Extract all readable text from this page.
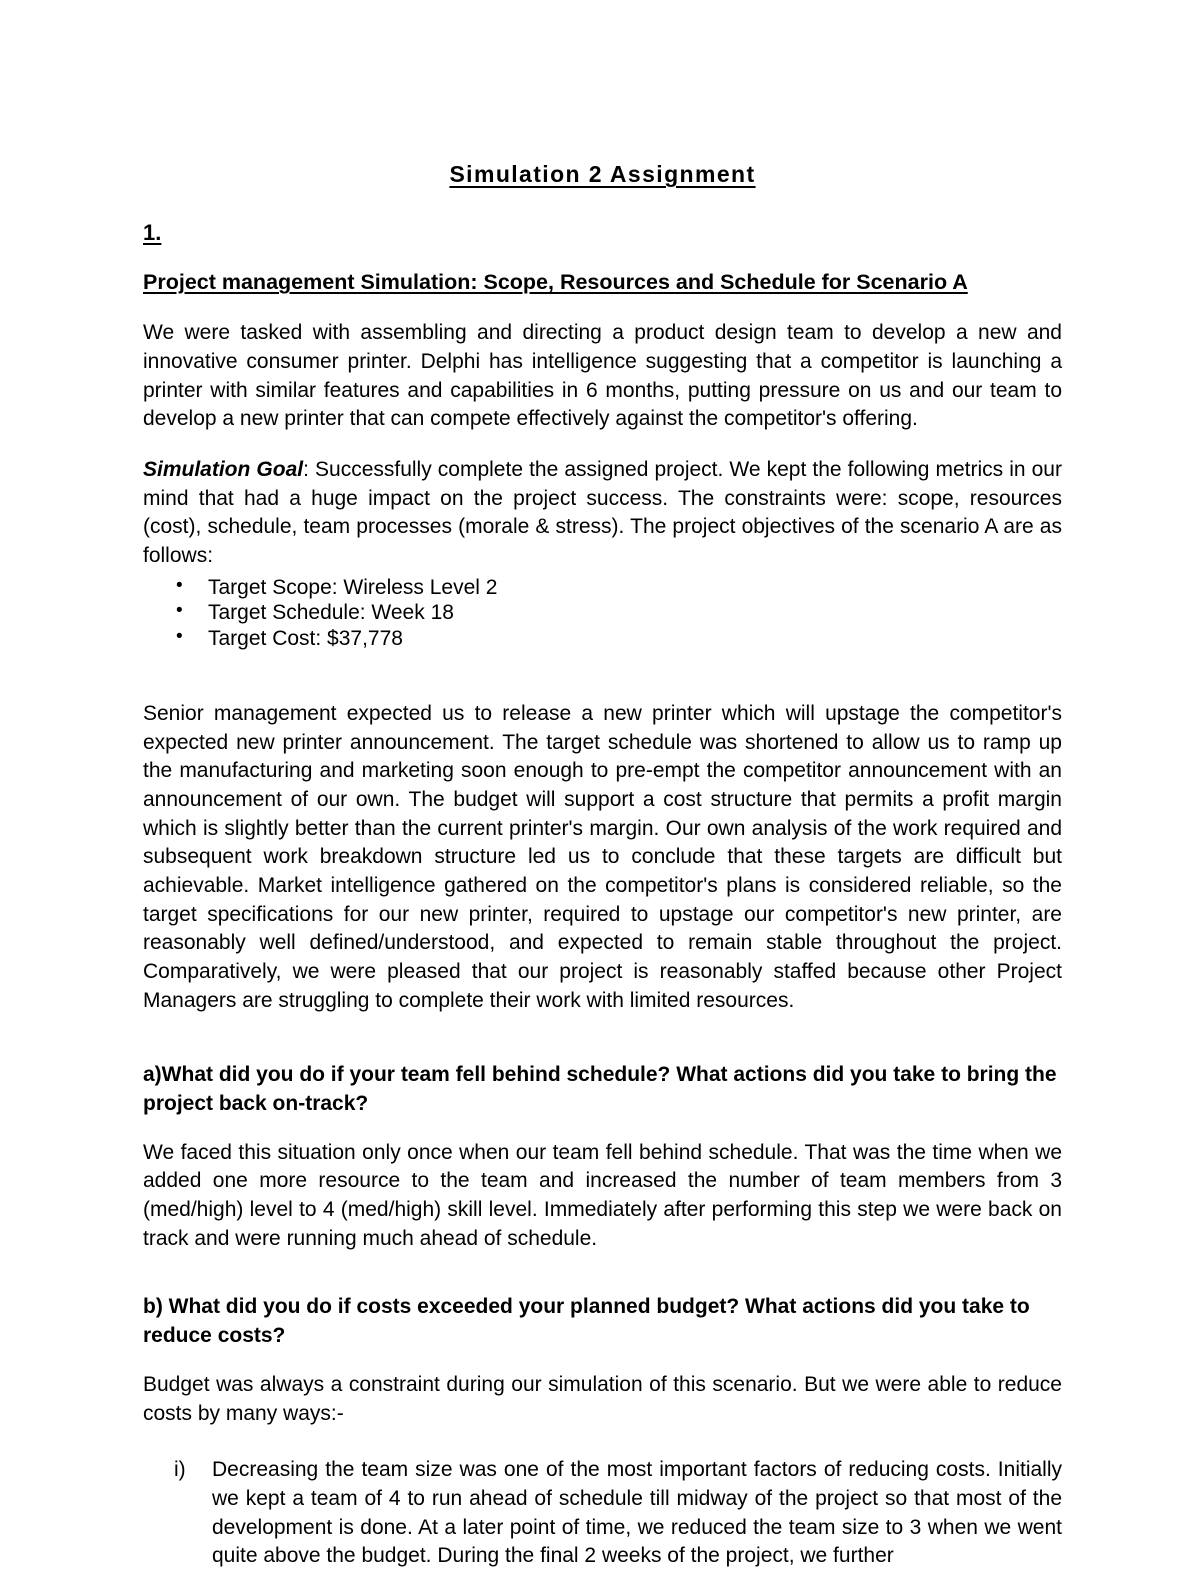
Simulation 2 Assignment

1.

Project management Simulation: Scope, Resources and Schedule for Scenario A

We were tasked with assembling and directing a product design team to develop a new and innovative consumer printer. Delphi has intelligence suggesting that a competitor is launching a printer with similar features and capabilities in 6 months, putting pressure on us and our team to develop a new printer that can compete effectively against the competitor's offering.

Simulation Goal: Successfully complete the assigned project. We kept the following metrics in our mind that had a huge impact on the project success. The constraints were: scope, resources (cost), schedule, team processes (morale & stress). The project objectives of the scenario A are as follows:

• Target Scope: Wireless Level 2
• Target Schedule: Week 18
• Target Cost: $37,778

Senior management expected us to release a new printer which will upstage the competitor's expected new printer announcement. The target schedule was shortened to allow us to ramp up the manufacturing and marketing soon enough to pre-empt the competitor announcement with an announcement of our own. The budget will support a cost structure that permits a profit margin which is slightly better than the current printer's margin. Our own analysis of the work required and subsequent work breakdown structure led us to conclude that these targets are difficult but achievable. Market intelligence gathered on the competitor's plans is considered reliable, so the target specifications for our new printer, required to upstage our competitor's new printer, are reasonably well defined/understood, and expected to remain stable throughout the project. Comparatively, we were pleased that our project is reasonably staffed because other Project Managers are struggling to complete their work with limited resources.

a)What did you do if your team fell behind schedule? What actions did you take to bring the project back on-track?

We faced this situation only once when our team fell behind schedule. That was the time when we added one more resource to the team and increased the number of team members from 3 (med/high) level to 4 (med/high) skill level. Immediately after performing this step we were back on track and were running much ahead of schedule.

b) What did you do if costs exceeded your planned budget? What actions did you take to reduce costs?

Budget was always a constraint during our simulation of this scenario. But we were able to reduce costs by many ways:-

i) Decreasing the team size was one of the most important factors of reducing costs. Initially we kept a team of 4 to run ahead of schedule till midway of the project so that most of the development is done. At a later point of time, we reduced the team size to 3 when we went quite above the budget. During the final 2 weeks of the project, we further
